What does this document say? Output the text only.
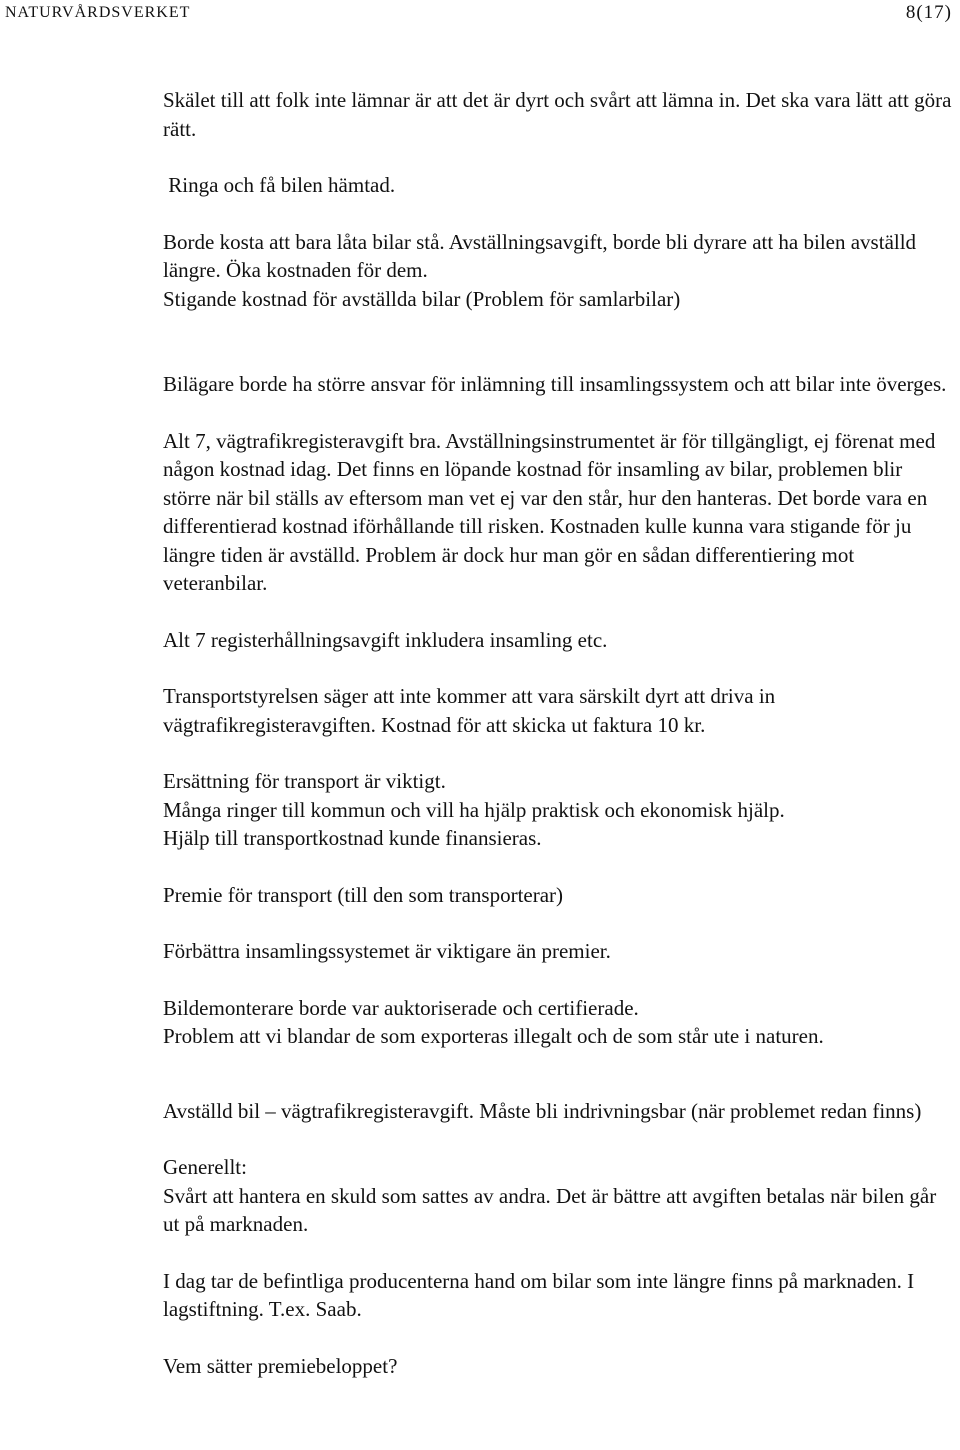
NATURVÅRDSVERKET	8(17)

Skälet till att folk inte lämnar är att det är dyrt och svårt att lämna in. Det ska vara lätt att göra rätt.

Ringa och få bilen hämtad.

Borde kosta att bara låta bilar stå. Avställningsavgift, borde bli dyrare att ha bilen avställd längre. Öka kostnaden för dem.
Stigande kostnad för avställda bilar (Problem för samlarbilar)

Bilägare borde ha större ansvar för inlämning till insamlingssystem och att bilar inte överges.

Alt 7, vägtrafikregisteravgift bra. Avställningsinstrumentet är för tillgängligt, ej förenat med någon kostnad idag. Det finns en löpande kostnad för insamling av bilar, problemen blir större när bil ställs av eftersom man vet ej var den står, hur den hanteras. Det borde vara en differentierad kostnad iförhållande till risken. Kostnaden kulle kunna vara stigande för ju längre tiden är avställd. Problem är dock hur man gör en sådan differentiering mot veteranbilar.

Alt 7 registerhållningsavgift inkludera insamling etc.

Transportstyrelsen säger att inte kommer att vara särskilt dyrt att driva in vägtrafikregisteravgiften. Kostnad för att skicka ut faktura 10 kr.

Ersättning för transport är viktigt.
Många ringer till kommun och vill ha hjälp praktisk och ekonomisk hjälp.
Hjälp till transportkostnad kunde finansieras.

Premie för transport (till den som transporterar)

Förbättra insamlingssystemet är viktigare än premier.

Bildemonterare borde var auktoriserade och certifierade.
Problem att vi blandar de som exporteras illegalt och de som står ute i naturen.

Avställd bil – vägtrafikregisteravgift. Måste bli indrivningsbar (när problemet redan finns)

Generellt:
Svårt att hantera en skuld som sattes av andra. Det är bättre att avgiften betalas när bilen går ut på marknaden.

I dag tar de befintliga producenterna hand om bilar som inte längre finns på marknaden. I lagstiftning. T.ex. Saab.

Vem sätter premiebeloppet?
